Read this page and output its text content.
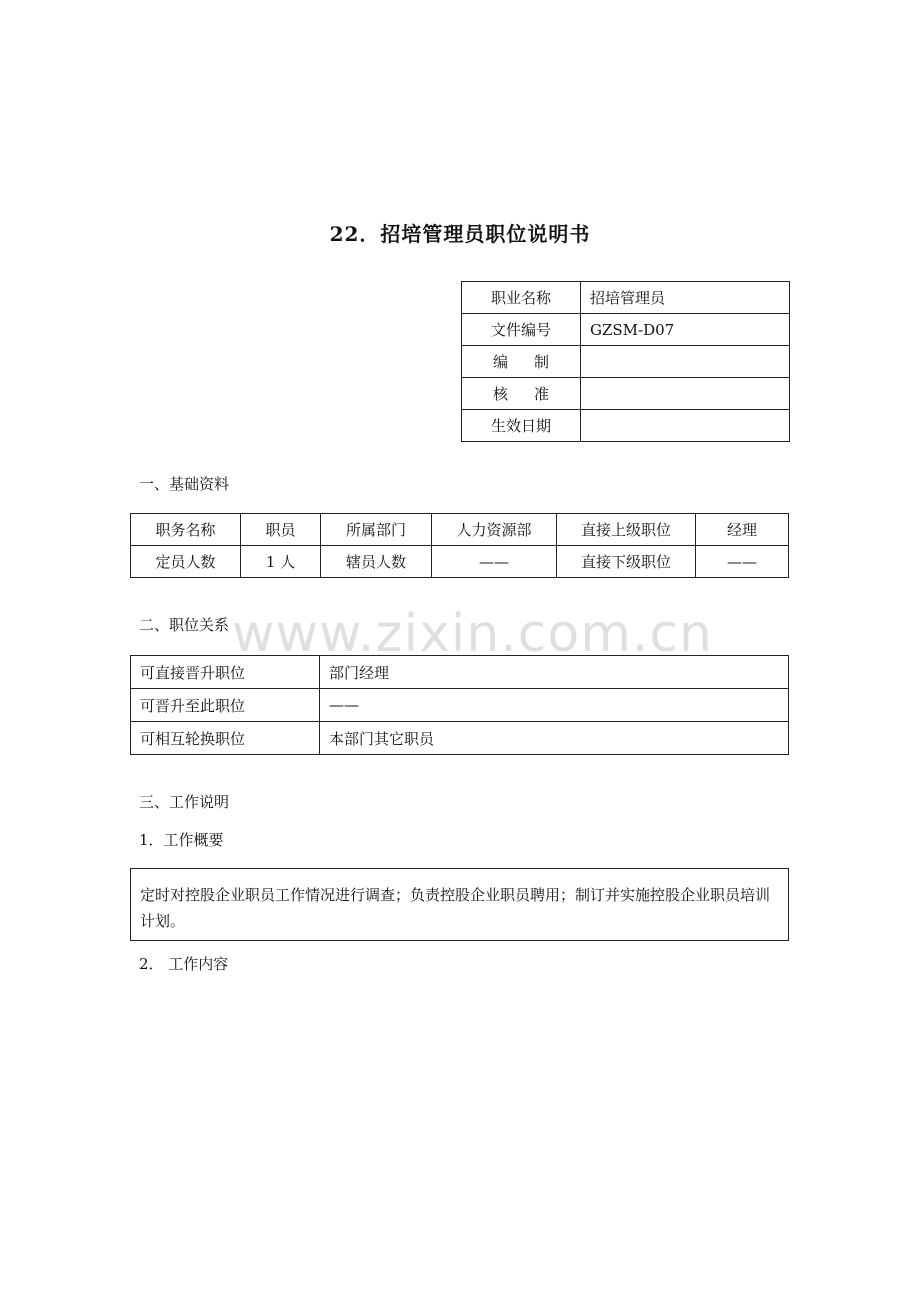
22．招培管理员职位说明书
职业名称	招培管理员
文件编号	GZSM-D07
编制	
核准	
生效日期	
一、基础资料
职务名称	职员	所属部门	人力资源部	直接上级职位	经理
定员人数	1 人	辖员人数	——	直接下级职位	——
二、职位关系 www.zixin.com.cn
可直接晋升职位	部门经理
可晋升至此职位	——
可相互轮换职位	本部门其它职员
三、工作说明
1．工作概要
定时对控股企业职员工作情况进行调查；负责控股企业职员聘用；制订并实施控股企业职员培训计划。
2． 工作内容
